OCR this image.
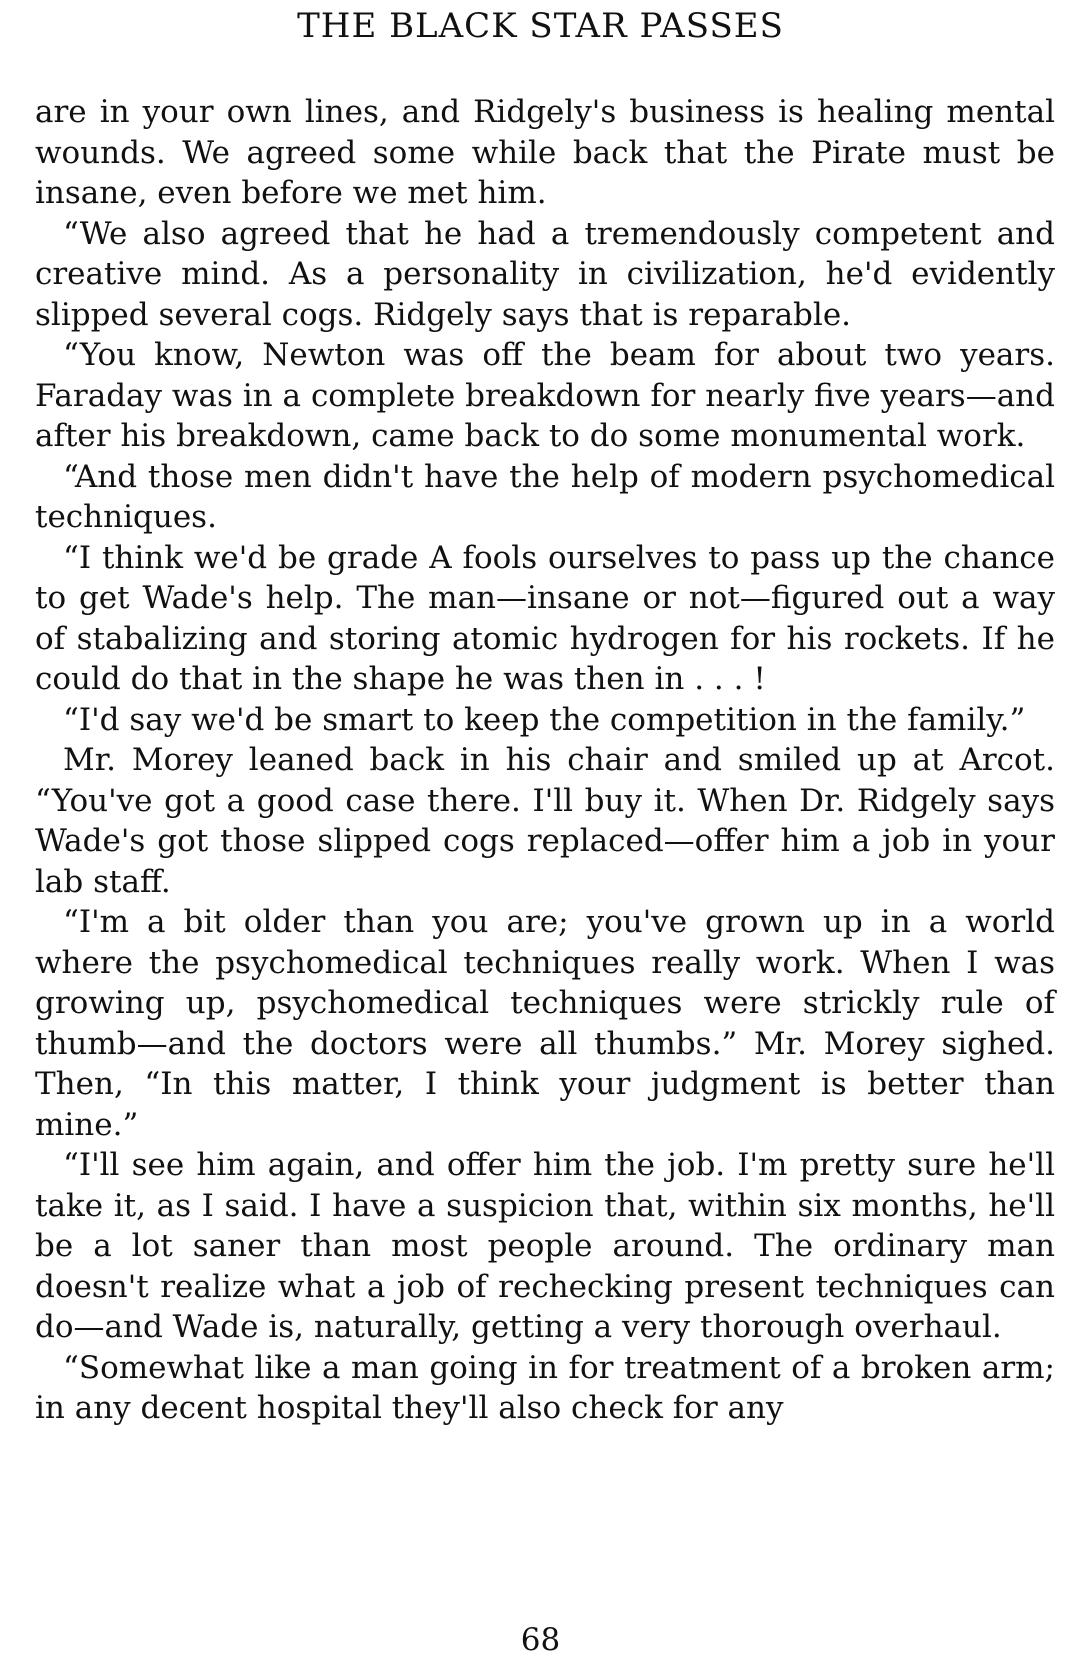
THE BLACK STAR PASSES

are in your own lines, and Ridgely's business is healing mental wounds. We agreed some while back that the Pirate must be insane, even before we met him.

“We also agreed that he had a tremendously competent and creative mind. As a personality in civilization, he'd evidently slipped several cogs. Ridgely says that is reparable.

“You know, Newton was off the beam for about two years. Faraday was in a complete breakdown for nearly five years—and after his breakdown, came back to do some monumental work.

“And those men didn't have the help of modern psychomedical techniques.

“I think we'd be grade A fools ourselves to pass up the chance to get Wade's help. The man—insane or not—figured out a way of stabalizing and storing atomic hydrogen for his rockets. If he could do that in the shape he was then in . . . !

“I'd say we'd be smart to keep the competition in the family.”

Mr. Morey leaned back in his chair and smiled up at Arcot. “You've got a good case there. I'll buy it. When Dr. Ridgely says Wade's got those slipped cogs replaced—offer him a job in your lab staff.

“I'm a bit older than you are; you've grown up in a world where the psychomedical techniques really work. When I was growing up, psychomedical techniques were strickly rule of thumb—and the doctors were all thumbs.” Mr. Morey sighed. Then, “In this matter, I think your judgment is better than mine.”

“I'll see him again, and offer him the job. I'm pretty sure he'll take it, as I said. I have a suspicion that, within six months, he'll be a lot saner than most people around. The ordinary man doesn't realize what a job of rechecking present techniques can do—and Wade is, naturally, getting a very thorough overhaul.

“Somewhat like a man going in for treatment of a broken arm; in any decent hospital they'll also check for any

68
